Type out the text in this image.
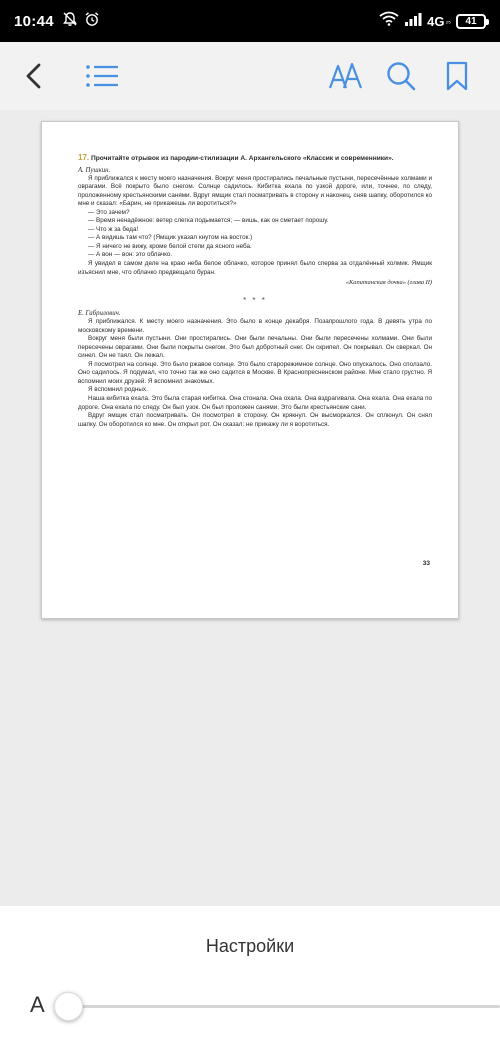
10:44	4G ₂₅ 41
17. Прочитайте отрывок из пародии-стилизации А. Архангельского «Классик и современники».
А. Пушкин.
Я приближался к месту моего назначения. Вокруг меня простирались печальные пустыни, пересечённые холмами и оврагами. Всё покрыто было снегом. Солнце садилось. Кибитка ехала по узкой дороге, или, точнее, по следу, проложенному крестьянскими санями. Вдруг ямщик стал посматривать в сторону и наконец, сняв шапку, оборотился ко мне и сказал: «Барин, не прикажешь ли воротиться?»
— Это зачем?
— Время ненадёжное: ветер слегка подымается; — вишь, как он сметает порошу.
— Что ж за беда!
— А видишь там что? (Ямщик указал кнутом на восток.)
— Я ничего не вижу, кроме белой степи да ясного неба.
— А вон — вон: это облачко.
Я увидел в самом деле на краю неба белое облачко, которое принял было сперва за отдалённый холмик. Ямщик изъяснил мне, что облачко предвещало буран.
«Капитанская дочка» (глава II)
* * *
Е. Габрилович.
Я приближался. К месту моего назначения. Это было в конце декабря. Позапрошлого года. В девять утра по московскому времени.
Вокруг меня были пустыни. Они простирались. Они были печальны. Они были пересечены холмами. Они были пересечены оврагами. Они были покрыты снегом. Это был добротный снег. Он скрипел. Он покрывал. Он сверкал. Он синел. Он не таял. Он лежал.
Я посмотрел на солнце. Это было ржавое солнце. Это было старорежимное солнце. Оно опускалось. Оно сползало. Оно садилось. Я подумал, что точно так же оно садится в Москве. В Краснопресненском районе. Мне стало грустно. Я вспомнил моих друзей. Я вспомнил знакомых.
Я вспомнил родных.
Наша кибитка ехала. Это была старая кибитка. Она стонала. Она охала. Она вздрагивала. Она ехала. Она ехала по дороге. Она ехала по следу. Он был узок. Он был проложен санями. Это были крестьянские сани.
Вдруг ямщик стал посматривать. Он посмотрел в сторону. Он крякнул. Он высморкался. Он сплюнул. Он снял шапку. Он оборотился ко мне. Он открыл рот. Он сказал: не прикажу ли я воротиться.
33
Настройки
А
